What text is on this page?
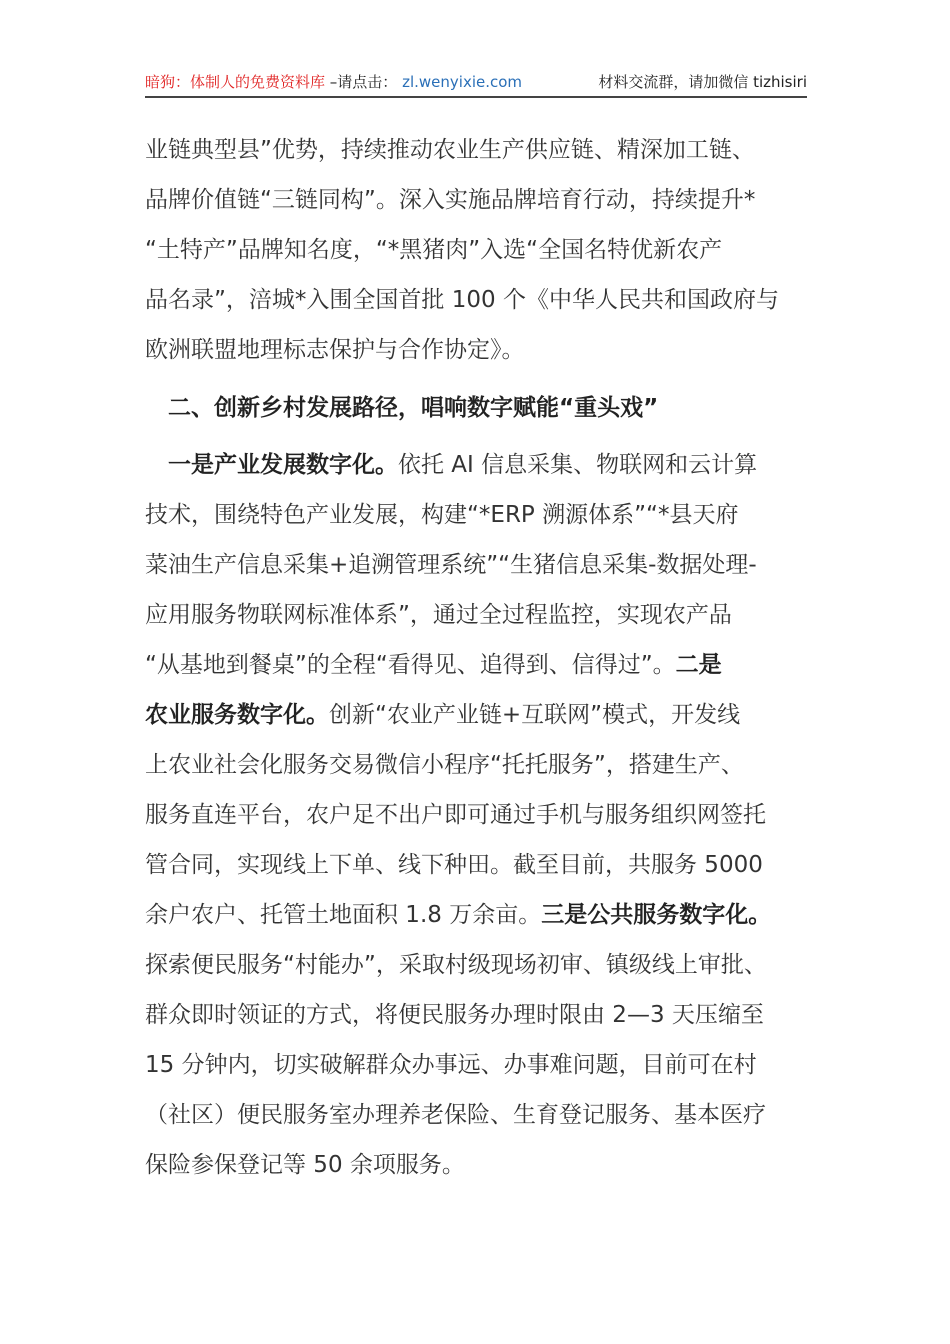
暗狗：体制人的免费资料库 –请点击： zl.wenyixie.com	材料交流群，请加微信 tizhisiri
业链典型县”优势，持续推动农业生产供应链、精深加工链、
品牌价值链“三链同构”。深入实施品牌培育行动，持续提升*
“土特产”品牌知名度，“*黑猪肉”入选“全国名特优新农产
品名录”，涪城*入围全国首批 100 个《中华人民共和国政府与
欧洲联盟地理标志保护与合作协定》。
　二、创新乡村发展路径，唱响数字赋能“重头戏”
　一是产业发展数字化。依托 AI 信息采集、物联网和云计算
技术，围绕特色产业发展，构建“*ERP 溯源体系”“*县天府
菜油生产信息采集+追溯管理系统”“生猪信息采集-数据处理-
应用服务物联网标准体系”，通过全过程监控，实现农产品
“从基地到餐桌”的全程“看得见、追得到、信得过”。二是
农业服务数字化。创新“农业产业链+互联网”模式，开发线
上农业社会化服务交易微信小程序“托托服务”，搭建生产、
服务直连平台，农户足不出户即可通过手机与服务组织网签托
管合同，实现线上下单、线下种田。截至目前，共服务 5000
余户农户、托管土地面积 1.8 万余亩。三是公共服务数字化。
探索便民服务“村能办”，采取村级现场初审、镇级线上审批、
群众即时领证的方式，将便民服务办理时限由 2—3 天压缩至
15 分钟内，切实破解群众办事远、办事难问题，目前可在村
（社区）便民服务室办理养老保险、生育登记服务、基本医疗
保险参保登记等 50 余项服务。
